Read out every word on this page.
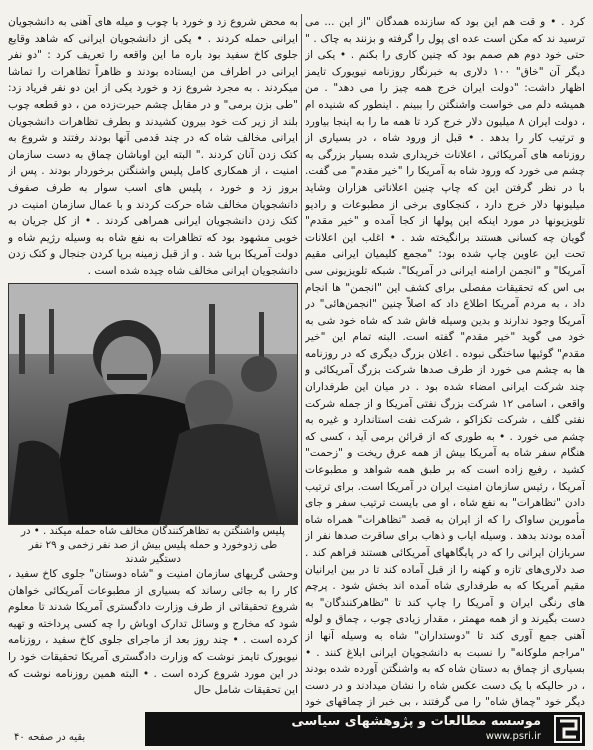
کرد . • و قت هم این بود که سازنده همدگان "از این ... می ترسید ند که مکن است عده ای پول را گرفته و بزنند به چاک . " حتی خود دوم هم صمم بود که چنین کاری را بکنم . • یکی از دیگر آن "خاق" ۱۰۰ دلاری به خبرنگار روزنامه نیویورک تایمز اظهار داشت: "دولت ایران خرج همه چیز را می دهد" . من همیشه دلم می خواست واشنگتن را ببینم . اینطور که شنیده ام ، دولت ایران ۸ میلیون دلار خرج کرد تا همه ما را به اینجا بیاورد و ترتیب کار را بدهد . • قبل از ورود شاه ، در بسیاری از روزنامه های آمریکائی ، اعلانات خریداری شده بسیار بزرگی به چشم می خورد که ورود شاه به آمریکا را "خیر مقدم" می گفت. با در نظر گرفتن این که چاپ چنین اعلاناتی هزاران وشاید میلیونها دلار خرج دارد ، کنجکاوی برخی از مطبوعات و رادیو تلویزیونها در مورد اینکه این پولها از کجا آمده و "خیر مقدم" گویان چه کسانی هستند برانگیخته شد . • اغلب این اعلانات تحت این عاوین چاپ شده بود: "مجمع کلیمیان ایرانی مقیم آمریکا" و "انجمن ارامنه ایرانی در آمریکا". شبکه تلویزیونی سی بی اس که تحقیقات مفصلی برای کشف این "انجمن" ها انجام داد ، به مردم آمریکا اطلاع داد که اصلاً چنین "انجمن‌هائی" در آمریکا وجود ندارند و بدین وسیله فاش شد که شاه خود شی به خود می گوید "خیر مقدم" گفته است. البته تمام این "خیر مقدم" گوئیها ساختگی نبوده . اعلان بزرگ دیگری که در روزنامه ها به چشم می خورد از طرف صدها شرکت بزرگ آمریکائی و چند شرکت ایرانی امضاء شده بود . در میان این طرفداران واقعی ، اسامی ۱۲ شرکت بزرگ نفتی آمریکا و از جمله شرکت نفتی گلف ، شرکت تکزاکو ، شرکت نفت استاندارد و غیره به چشم می خورد . • به طوری که از قرائن برمی آید ، کسی که هنگام سفر شاه به آمریکا بیش از همه عرق ریخت و "زحمت" کشید ، رفیع زاده است که بر طبق همه شواهد و مطبوعات آمریکا ، رئیس سازمان امنیت ایران در آمریکا است. برای ترتیب دادن "تظاهرات" به نفع شاه ، او می بایست ترتیب سفر و جای مأمورین ساواک را که از ایران به قصد "تظاهرات" همراه شاه آمده بودند بدهد . وسیله ایاب و ذهاب برای ساقرت صدها نفر از سربازان ایرانی را که در پایگاههای آمریکائی هستند فراهم کند . صد دلاری‌های تازه و کهنه را از قبل آماده کند تا در بین ایرانیان مقیم آمریکا که به طرفداری شاه آمده اند بخش شود . پرچم های رنگی ایران و آمریکا را چاپ کند تا "تظاهرکنندگان" به دست بگیرند و از همه مهمتر ، مقدار زیادی چوب ، چماق و لوله آهنی جمع آوری کند تا "دوستداران" شاه به وسیله آنها از "مراجم ملوکانه" را نسبت به دانشجویان ایرانی ابلاغ کنند . • بسیاری از چماق به دستان شاه که به واشنگتن آورده شده بودند ، در حالیکه با یک دست عکس شاه را نشان میدادند و در دست دیگر خود "چماق شاه" را می گرفتند ، بی خبر از چماقهای خود

به محض شروع زد و خورد با چوب و میله های آهنی به دانشجویان ایرانی حمله کردند . • یکی از دانشجویان ایرانی که شاهد وقایع جلوی کاخ سفید بود باره ما این واقعه را تعریف کرد : "دو نفر ایرانی در اطراف من ایستاده بودند و ظاهراً تظاهرات را تماشا میکردند . به مجرد شروع زد و خورد یکی از این دو نفر فریاد زد: "طی بزن برمی" و در مقابل چشم حیرت‌زده من ، دو قطعه چوب بلند از زیر کت خود بیرون کشیدند و بطرف تظاهرات دانشجویان ایرانی مخالف شاه که در چند قدمی آنها بودند رفتند و شروع به کتک زدن آنان کردند ." البته این اوباشان چماق به دست سازمان امنیت ، از همکاری کامل پلیس واشنگتن برخوردار بودند . پس از بروز زد و خورد ، پلیس های اسب سوار به طرف صفوف دانشجویان مخالف شاه حرکت کردند و با عمال سازمان امنیت در کتک زدن دانشجویان ایرانی همراهی کردند . • از کل جریان به خوبی مشهود بود که تظاهرات به نفع شاه به وسیله رژیم شاه و دولت آمریکا برپا شد . و از قبل زمینه برپا کردن جنجال و کتک زدن دانشجویان ایرانی مخالف شاه چیده شده است .

پلیس واشنگتن به تظاهرکنندگان مخالف شاه حمله میکند . • در طی زدوخورد و حمله پلیس بیش از صد نفر زخمی و ۲۹ نفر دستگیر شدند

وحشی گریهای سازمان امنیت و "شاه دوستان" جلوی کاخ سفید ، کار را به جائی رساند که بسیاری از مطبوعات آمریکائی خواهان شروع تحقیقاتی از طرف وزارت دادگستری آمریکا شدند تا معلوم شود که مخارج و وسائل تدارک اوباش را چه کسی پرداخته و تهیه کرده است . • چند روز بعد از ماجرای جلوی کاخ سفید ، روزنامه نیویورک تایمز نوشت که وزارت دادگستری آمریکا تحقیقات خود را در این مورد شروع کرده است . • البته همین روزنامه نوشت که این تحقیقات شامل حال

بقیه در صفحه ۴۰
موسسه مطالعات و پژوهشهای سیاسی
www.psri.ir
